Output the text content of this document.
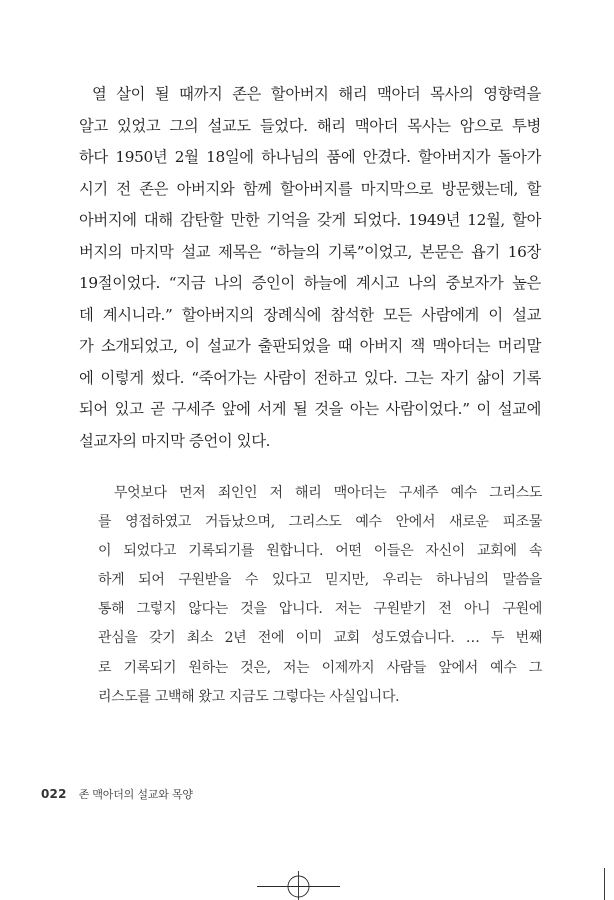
열 살이 될 때까지 존은 할아버지 해리 맥아더 목사의 영향력을
알고 있었고 그의 설교도 들었다. 해리 맥아더 목사는 암으로 투병
하다 1950년 2월 18일에 하나님의 품에 안겼다. 할아버지가 돌아가
시기 전 존은 아버지와 함께 할아버지를 마지막으로 방문했는데, 할
아버지에 대해 감탄할 만한 기억을 갖게 되었다. 1949년 12월, 할아
버지의 마지막 설교 제목은 “하늘의 기록”이었고, 본문은 욥기 16장
19절이었다. “지금 나의 증인이 하늘에 계시고 나의 중보자가 높은
데 계시니라.” 할아버지의 장례식에 참석한 모든 사람에게 이 설교
가 소개되었고, 이 설교가 출판되었을 때 아버지 잭 맥아더는 머리말
에 이렇게 썼다. “죽어가는 사람이 전하고 있다. 그는 자기 삶이 기록
되어 있고 곧 구세주 앞에 서게 될 것을 아는 사람이었다.” 이 설교에
설교자의 마지막 증언이 있다.
무엇보다 먼저 죄인인 저 해리 맥아더는 구세주 예수 그리스도
를 영접하였고 거듭났으며, 그리스도 예수 안에서 새로운 피조물
이 되었다고 기록되기를 원합니다. 어떤 이들은 자신이 교회에 속
하게 되어 구원받을 수 있다고 믿지만, 우리는 하나님의 말씀을
통해 그렇지 않다는 것을 압니다. 저는 구원받기 전 아니 구원에
관심을 갖기 최소 2년 전에 이미 교회 성도였습니다. … 두 번째
로 기록되기 원하는 것은, 저는 이제까지 사람들 앞에서 예수 그
리스도를 고백해 왔고 지금도 그렇다는 사실입니다.
022 존 맥아더의 설교와 목양
